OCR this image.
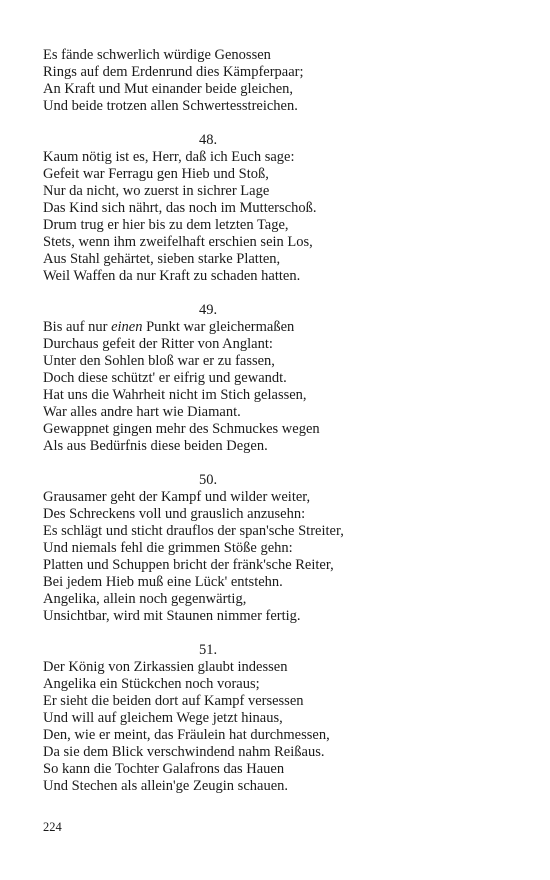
Es fände schwerlich würdige Genossen
Rings auf dem Erdenrund dies Kämpferpaar;
An Kraft und Mut einander beide gleichen,
Und beide trotzen allen Schwertesstreichen.
48.
Kaum nötig ist es, Herr, daß ich Euch sage:
Gefeit war Ferragu gen Hieb und Stoß,
Nur da nicht, wo zuerst in sichrer Lage
Das Kind sich nährt, das noch im Mutterschoß.
Drum trug er hier bis zu dem letzten Tage,
Stets, wenn ihm zweifelhaft erschien sein Los,
Aus Stahl gehärtet, sieben starke Platten,
Weil Waffen da nur Kraft zu schaden hatten.
49.
Bis auf nur einen Punkt war gleichermaßen
Durchaus gefeit der Ritter von Anglant:
Unter den Sohlen bloß war er zu fassen,
Doch diese schützt' er eifrig und gewandt.
Hat uns die Wahrheit nicht im Stich gelassen,
War alles andre hart wie Diamant.
Gewappnet gingen mehr des Schmuckes wegen
Als aus Bedürfnis diese beiden Degen.
50.
Grausamer geht der Kampf und wilder weiter,
Des Schreckens voll und grauslich anzusehn:
Es schlägt und sticht drauflos der span'sche Streiter,
Und niemals fehl die grimmen Stöße gehn:
Platten und Schuppen bricht der fränk'sche Reiter,
Bei jedem Hieb muß eine Lück' entstehn.
Angelika, allein noch gegenwärtig,
Unsichtbar, wird mit Staunen nimmer fertig.
51.
Der König von Zirkassien glaubt indessen
Angelika ein Stückchen noch voraus;
Er sieht die beiden dort auf Kampf versessen
Und will auf gleichem Wege jetzt hinaus,
Den, wie er meint, das Fräulein hat durchmessen,
Da sie dem Blick verschwindend nahm Reißaus.
So kann die Tochter Galafrons das Hauen
Und Stechen als allein'ge Zeugin schauen.
224
